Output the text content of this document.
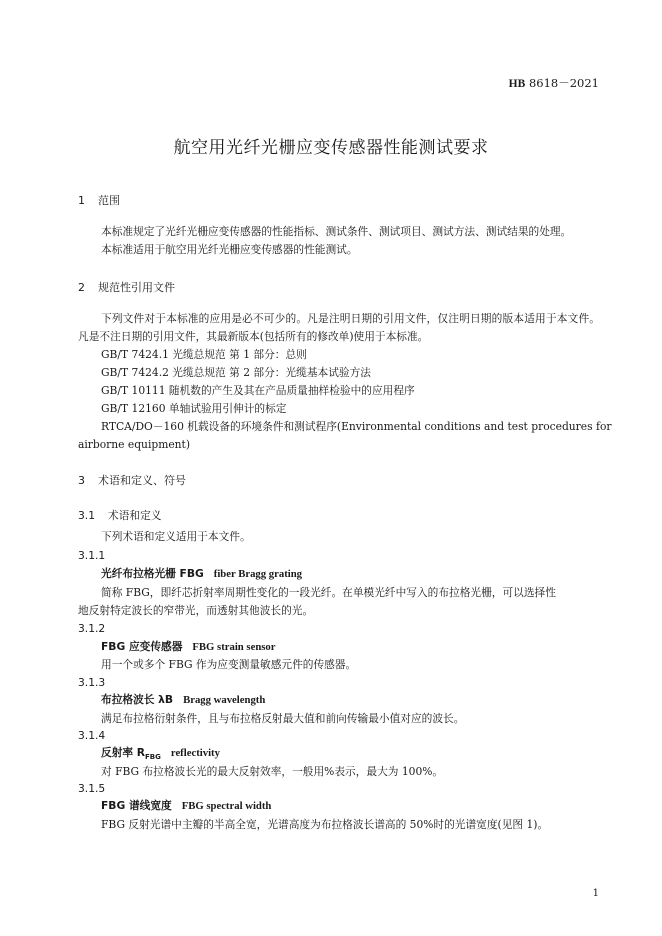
HB 8618－2021
航空用光纤光栅应变传感器性能测试要求
1 范围
本标准规定了光纤光栅应变传感器的性能指标、测试条件、测试项目、测试方法、测试结果的处理。
本标准适用于航空用光纤光栅应变传感器的性能测试。
2 规范性引用文件

下列文件对于本标准的应用是必不可少的。凡是注明日期的引用文件，仅注明日期的版本适用于本文件。凡是不注日期的引用文件，其最新版本(包括所有的修改单)使用于本标准。

GB/T 7424.1 光缆总规范 第 1 部分：总则
GB/T 7424.2 光缆总规范 第 2 部分：光缆基本试验方法
GB/T 10111 随机数的产生及其在产品质量抽样检验中的应用程序
GB/T 12160 单轴试验用引伸计的标定
RTCA/DO－160 机载设备的环境条件和测试程序(Environmental conditions and test procedures for
airborne equipment)
3 术语和定义、符号
3.1 术语和定义
下列术语和定义适用于本文件。
3.1.1
光纤布拉格光栅 FBG fiber Bragg grating
简称 FBG，即纤芯折射率周期性变化的一段光纤。在单模光纤中写入的布拉格光栅，可以选择性
地反射特定波长的窄带光，而透射其他波长的光。
3.1.2
FBG 应变传感器 FBG strain sensor
用一个或多个 FBG 作为应变测量敏感元件的传感器。
3.1.3
布拉格波长 λB Bragg wavelength
满足布拉格衍射条件，且与布拉格反射最大值和前向传输最小值对应的波长。
3.1.4
反射率 $R_{FBG}$ reflectivity
对 FBG 布拉格波长光的最大反射效率，一般用%表示，最大为 100%。
3.1.5
FBG 谱线宽度 FBG spectral width
FBG 反射光谱中主瓣的半高全宽，光谱高度为布拉格波长谱高的 50%时的光谱宽度(见图 1)。
1
